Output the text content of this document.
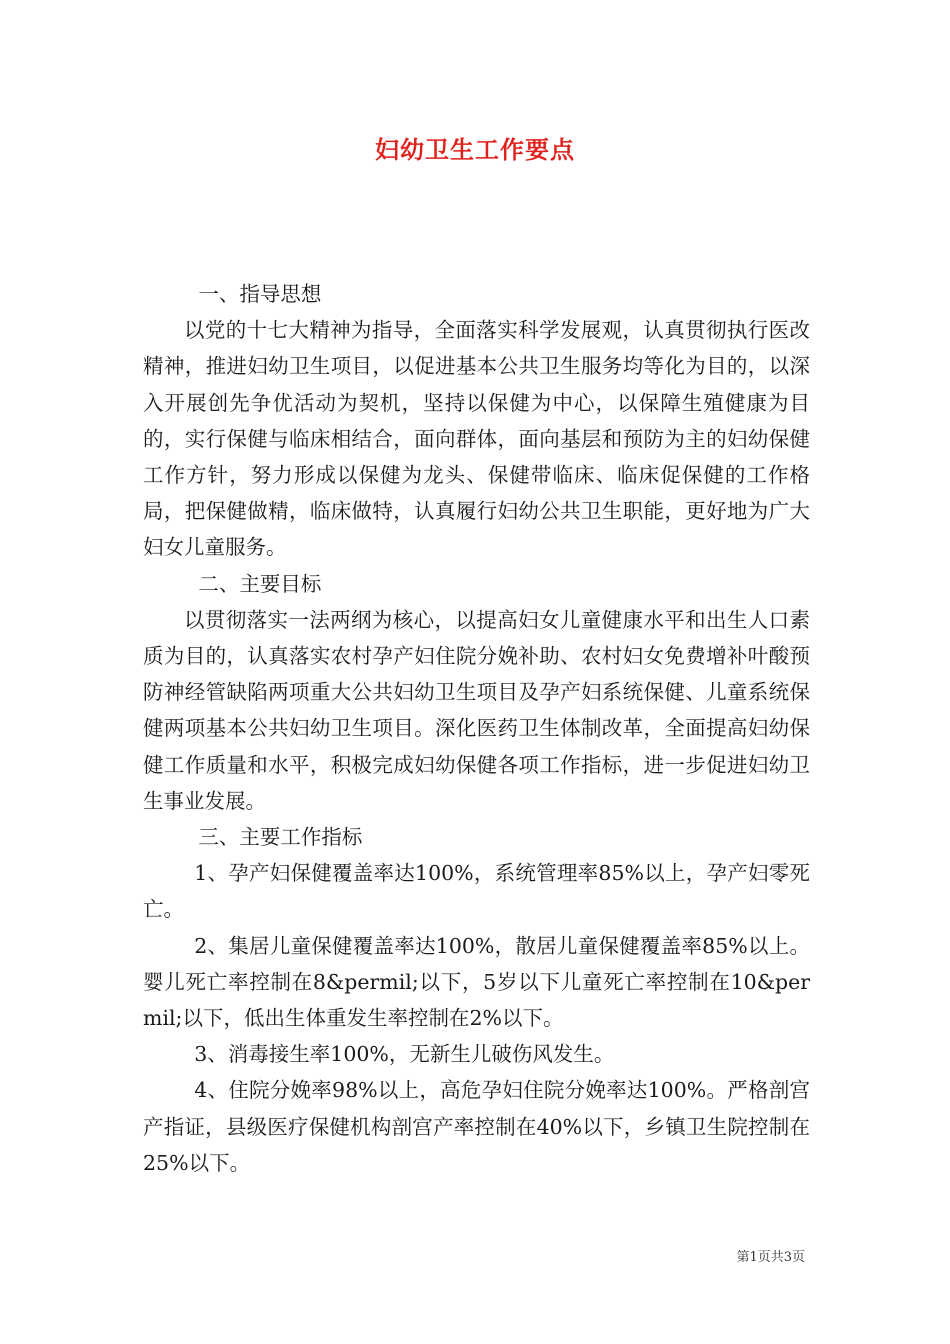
妇幼卫生工作要点

一、指导思想

以党的十七大精神为指导，全面落实科学发展观，认真贯彻执行医改精神，推进妇幼卫生项目，以促进基本公共卫生服务均等化为目的，以深入开展创先争优活动为契机，坚持以保健为中心，以保障生殖健康为目的，实行保健与临床相结合，面向群体，面向基层和预防为主的妇幼保健工作方针，努力形成以保健为龙头、保健带临床、临床促保健的工作格局，把保健做精，临床做特，认真履行妇幼公共卫生职能，更好地为广大妇女儿童服务。

二、主要目标

以贯彻落实一法两纲为核心，以提高妇女儿童健康水平和出生人口素质为目的，认真落实农村孕产妇住院分娩补助、农村妇女免费增补叶酸预防神经管缺陷两项重大公共妇幼卫生项目及孕产妇系统保健、儿童系统保健两项基本公共妇幼卫生项目。深化医药卫生体制改革，全面提高妇幼保健工作质量和水平，积极完成妇幼保健各项工作指标，进一步促进妇幼卫生事业发展。

三、主要工作指标

1、孕产妇保健覆盖率达100%，系统管理率85%以上，孕产妇零死亡。

2、集居儿童保健覆盖率达100%，散居儿童保健覆盖率85%以上。婴儿死亡率控制在8&permil;以下，5岁以下儿童死亡率控制在10&permil;以下，低出生体重发生率控制在2%以下。

3、消毒接生率100%，无新生儿破伤风发生。

4、住院分娩率98%以上，高危孕妇住院分娩率达100%。严格剖宫产指证，县级医疗保健机构剖宫产率控制在40%以下，乡镇卫生院控制在25%以下。

第1页共3页
